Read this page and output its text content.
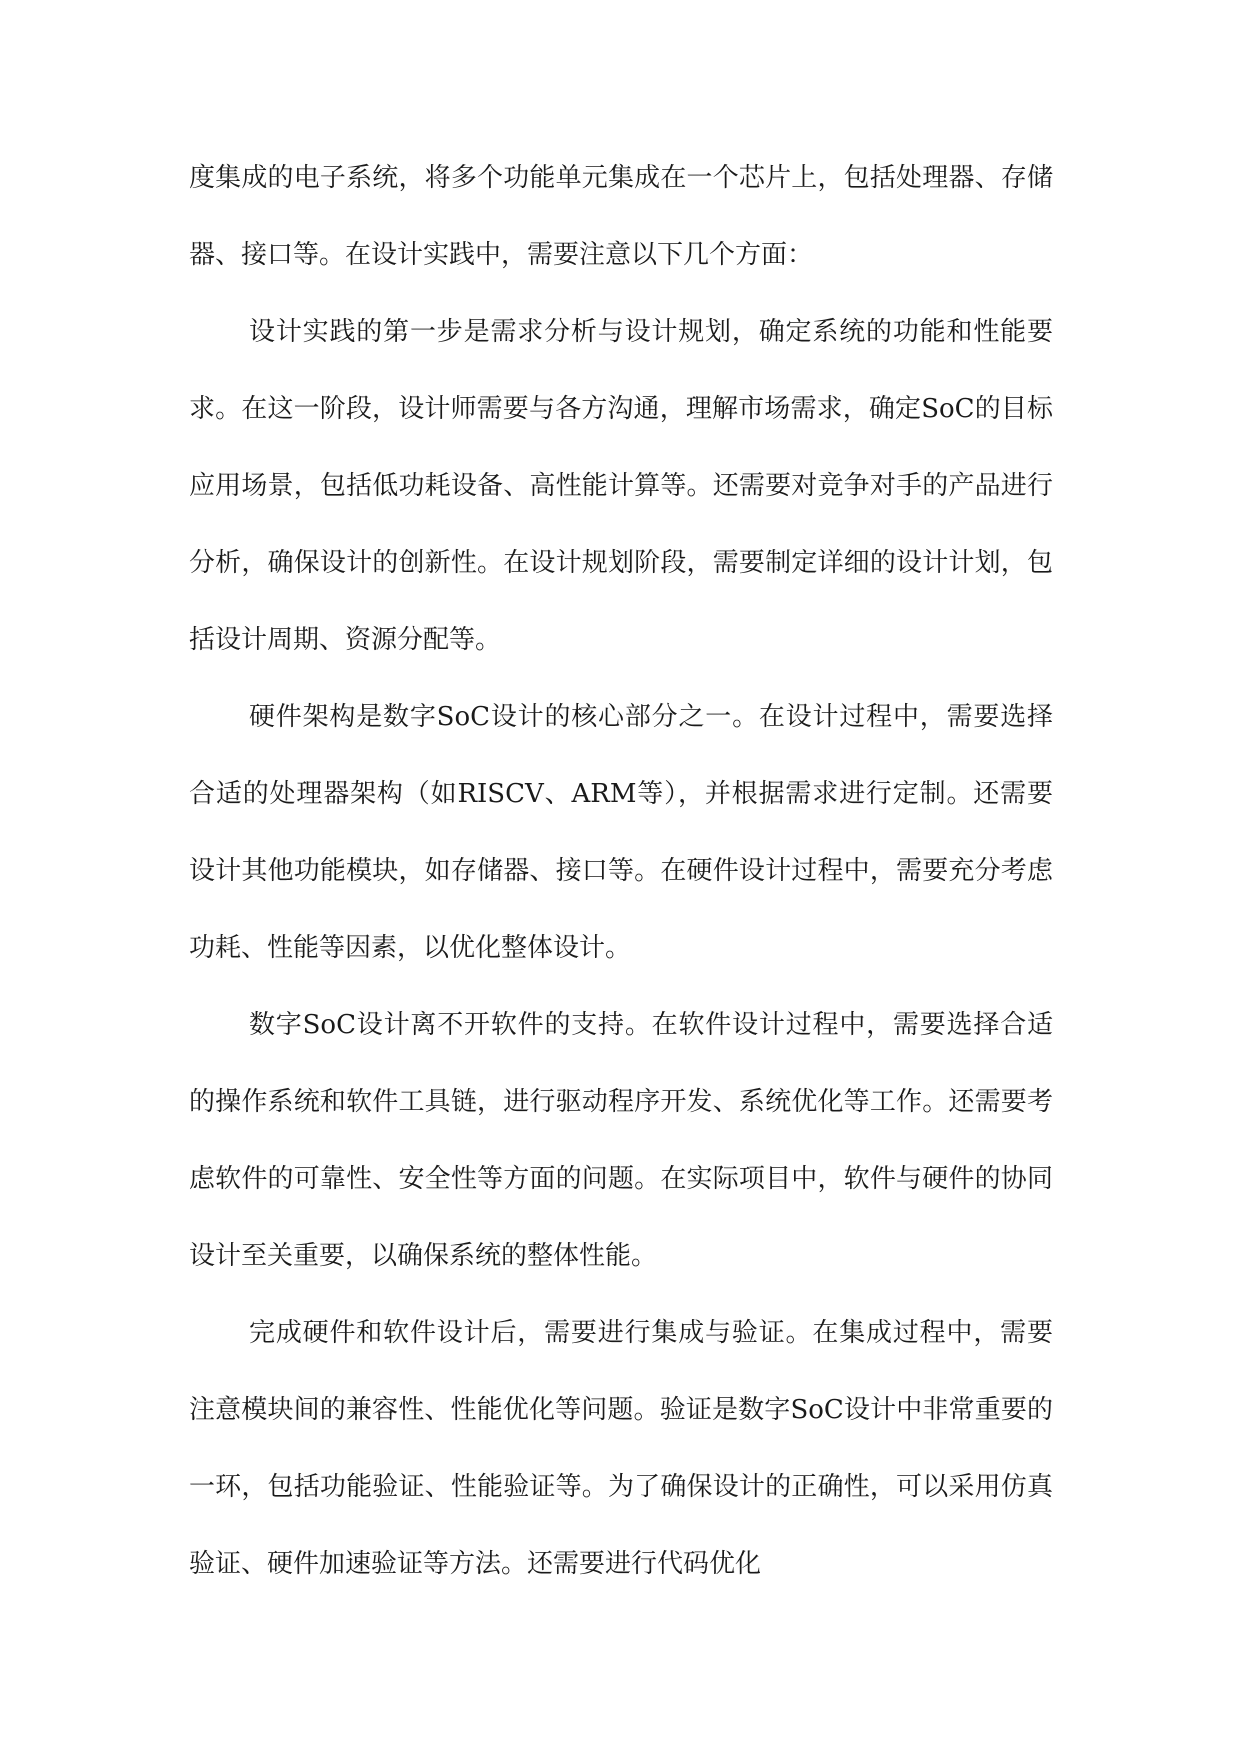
度集成的电子系统，将多个功能单元集成在一个芯片上，包括处理器、存储器、接口等。在设计实践中，需要注意以下几个方面：

设计实践的第一步是需求分析与设计规划，确定系统的功能和性能要求。在这一阶段，设计师需要与各方沟通，理解市场需求，确定SoC的目标应用场景，包括低功耗设备、高性能计算等。还需要对竞争对手的产品进行分析，确保设计的创新性。在设计规划阶段，需要制定详细的设计计划，包括设计周期、资源分配等。

硬件架构是数字SoC设计的核心部分之一。在设计过程中，需要选择合适的处理器架构（如RISCV、ARM等），并根据需求进行定制。还需要设计其他功能模块，如存储器、接口等。在硬件设计过程中，需要充分考虑功耗、性能等因素，以优化整体设计。

数字SoC设计离不开软件的支持。在软件设计过程中，需要选择合适的操作系统和软件工具链，进行驱动程序开发、系统优化等工作。还需要考虑软件的可靠性、安全性等方面的问题。在实际项目中，软件与硬件的协同设计至关重要，以确保系统的整体性能。

完成硬件和软件设计后，需要进行集成与验证。在集成过程中，需要注意模块间的兼容性、性能优化等问题。验证是数字SoC设计中非常重要的一环，包括功能验证、性能验证等。为了确保设计的正确性，可以采用仿真验证、硬件加速验证等方法。还需要进行代码优化
